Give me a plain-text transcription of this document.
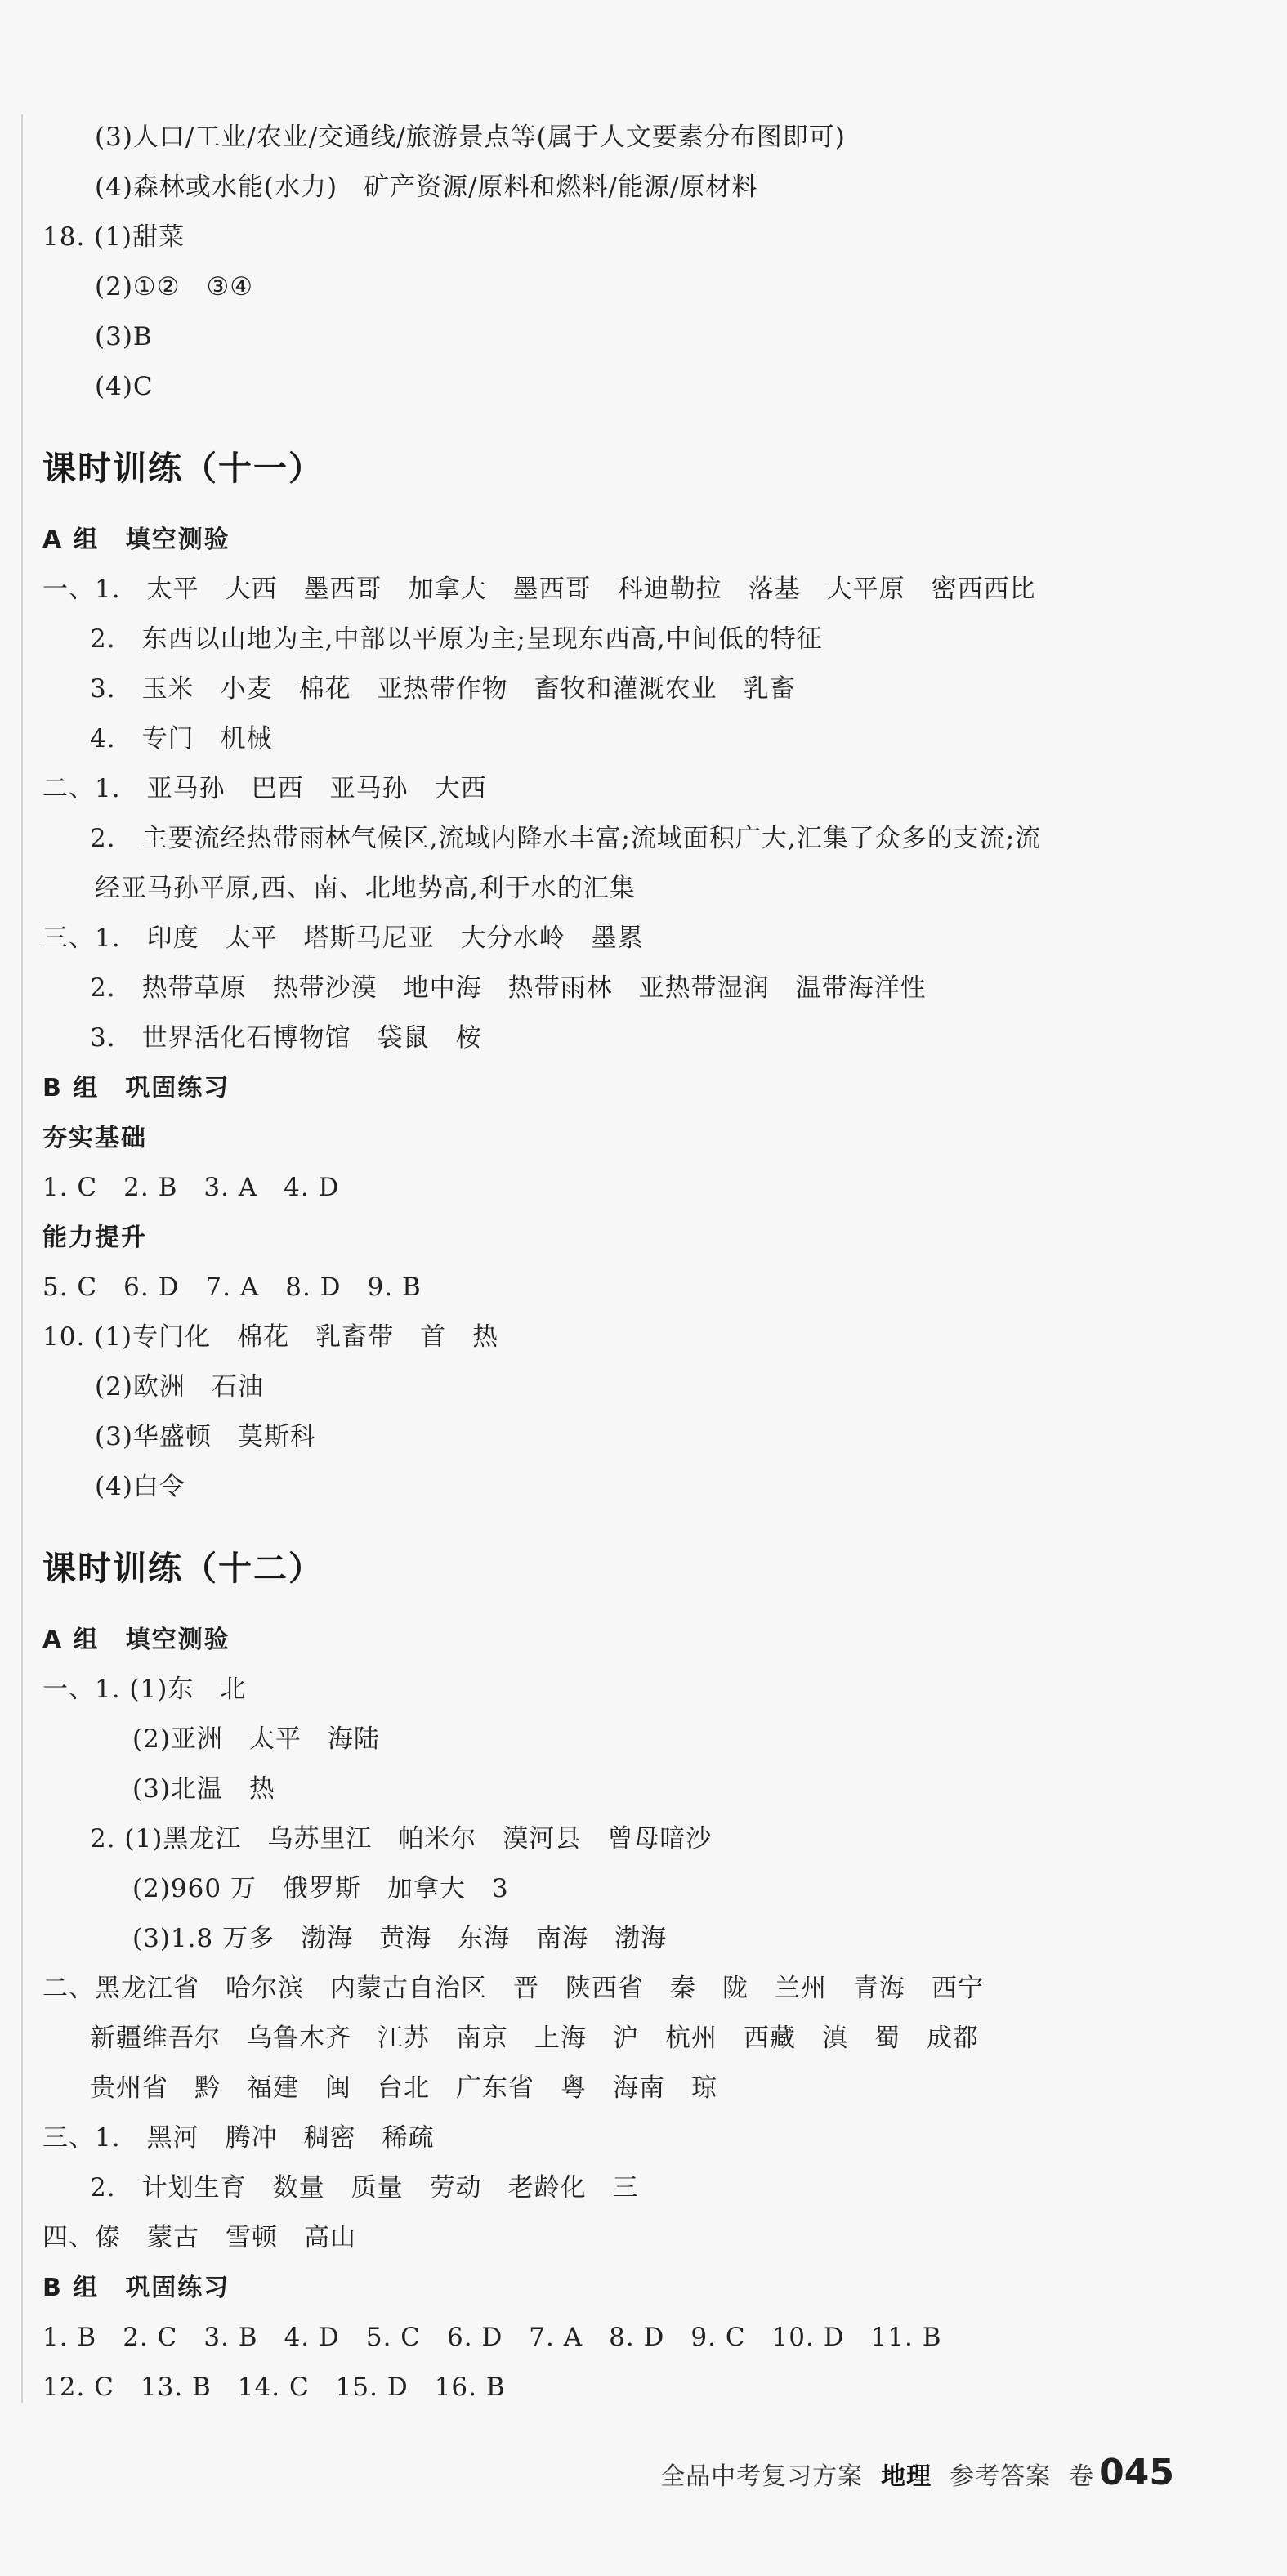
(3)人口/工业/农业/交通线/旅游景点等(属于人文要素分布图即可)
(4)森林或水能(水力)　矿产资源/原料和燃料/能源/原材料
18. (1)甜菜
(2)①②　③④
(3)B
(4)C
课时训练（十一）
A 组　填空测验
一、1.　太平　大西　墨西哥　加拿大　墨西哥　科迪勒拉　落基　大平原　密西西比
2.　东西以山地为主,中部以平原为主;呈现东西高,中间低的特征
3.　玉米　小麦　棉花　亚热带作物　畜牧和灌溉农业　乳畜
4.　专门　机械
二、1.　亚马孙　巴西　亚马孙　大西
2.　主要流经热带雨林气候区,流域内降水丰富;流域面积广大,汇集了众多的支流;流
经亚马孙平原,西、南、北地势高,利于水的汇集
三、1.　印度　太平　塔斯马尼亚　大分水岭　墨累
2.　热带草原　热带沙漠　地中海　热带雨林　亚热带湿润　温带海洋性
3.　世界活化石博物馆　袋鼠　桉
B 组　巩固练习
夯实基础
1. C　2. B　3. A　4. D
能力提升
5. C　6. D　7. A　8. D　9. B
10. (1)专门化　棉花　乳畜带　首　热
(2)欧洲　石油
(3)华盛顿　莫斯科
(4)白令
课时训练（十二）
A 组　填空测验
一、1. (1)东　北
(2)亚洲　太平　海陆
(3)北温　热
2. (1)黑龙江　乌苏里江　帕米尔　漠河县　曾母暗沙
(2)960 万　俄罗斯　加拿大　3
(3)1.8 万多　渤海　黄海　东海　南海　渤海
二、黑龙江省　哈尔滨　内蒙古自治区　晋　陕西省　秦　陇　兰州　青海　西宁
新疆维吾尔　乌鲁木齐　江苏　南京　上海　沪　杭州　西藏　滇　蜀　成都
贵州省　黔　福建　闽　台北　广东省　粤　海南　琼
三、1.　黑河　腾冲　稠密　稀疏
2.　计划生育　数量　质量　劳动　老龄化　三
四、傣　蒙古　雪顿　高山
B 组　巩固练习
1. B　2. C　3. B　4. D　5. C　6. D　7. A　8. D　9. C　10. D　11. B
12. C　13. B　14. C　15. D　16. B
全品中考复习方案 地理 参考答案 卷 045
